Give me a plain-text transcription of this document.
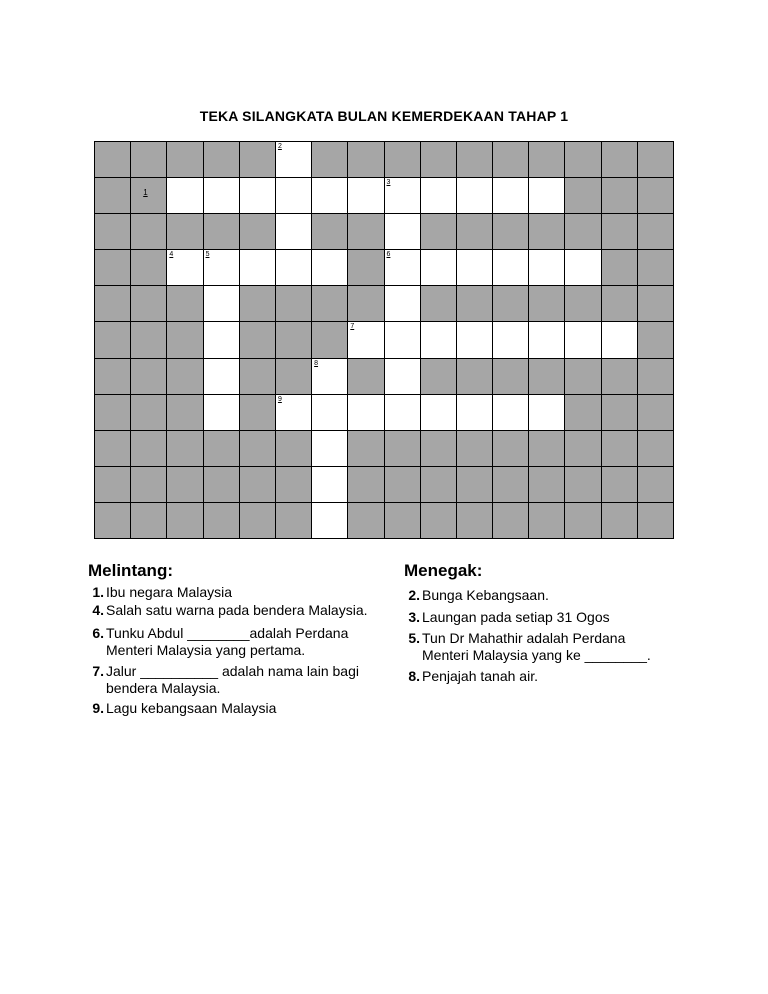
TEKA SILANGKATA BULAN KEMERDEKAAN TAHAP 1
2
1
3
4	5	6
7
8
9
Melintang:
1. Ibu negara Malaysia
4. Salah satu warna pada bendera Malaysia.
6. Tunku Abdul ________adalah Perdana
Menteri Malaysia yang pertama.
7. Jalur __________ adalah nama lain bagi
bendera Malaysia.
9. Lagu kebangsaan Malaysia
Menegak:
2. Bunga Kebangsaan.
3. Laungan pada setiap 31 Ogos
5. Tun Dr Mahathir adalah Perdana
Menteri Malaysia yang ke ________.
8. Penjajah tanah air.
